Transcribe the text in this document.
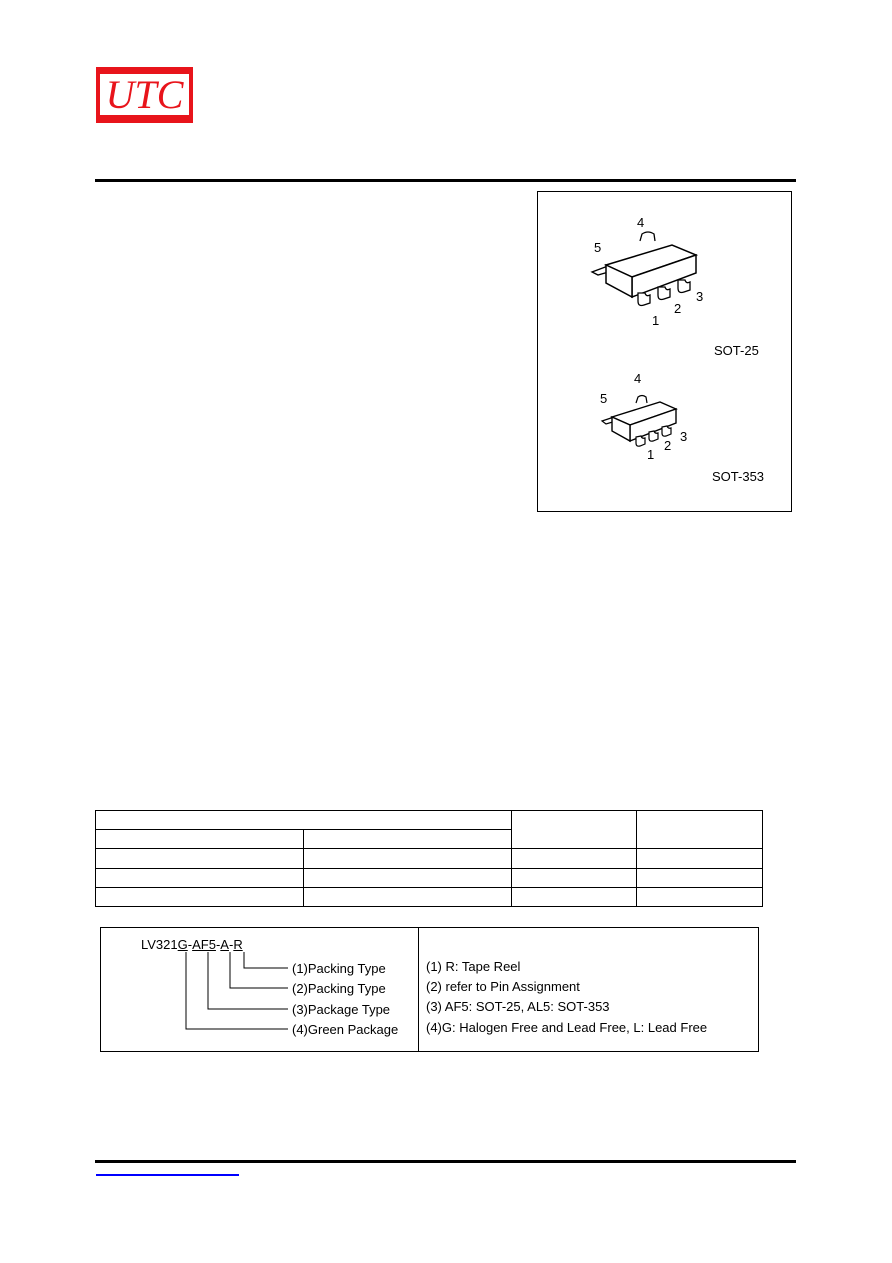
UTC
4
5
1
2
3
SOT-25
4
5
1
2
3
SOT-353

LV321G-AF5-A-R
(1)Packing Type
(2)Packing Type
(3)Package Type
(4)Green Package
(1) R: Tape Reel
(2) refer to Pin Assignment
(3) AF5: SOT-25, AL5: SOT-353
(4)G: Halogen Free and Lead Free, L: Lead Free
